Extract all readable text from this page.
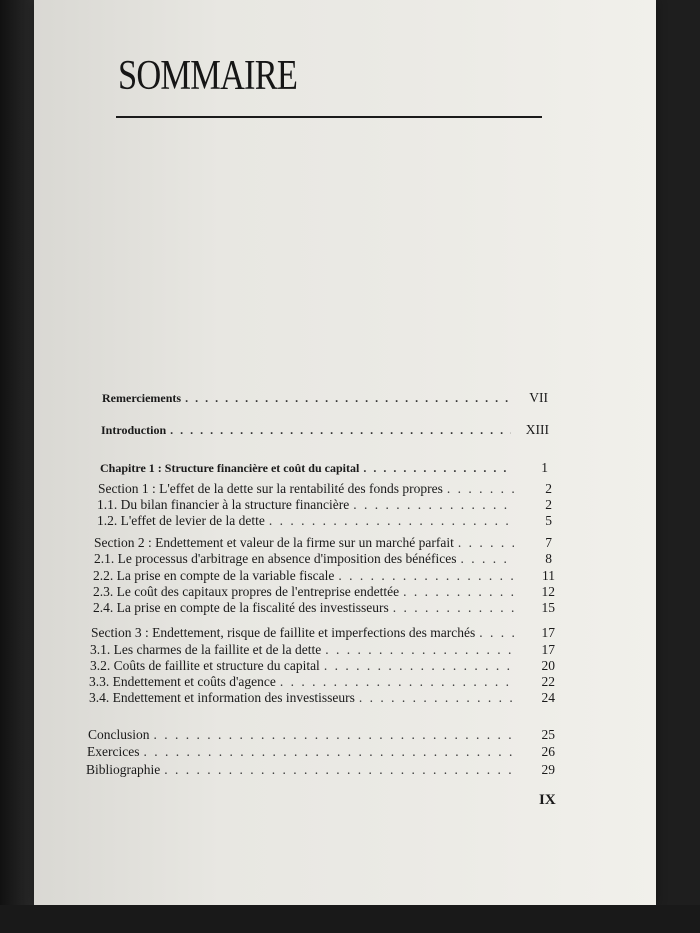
SOMMAIRE
Remerciements . . .	VII
Introduction . . .	XIII
Chapitre 1 : Structure financière et coût du capital . . .	1
Section 1 : L'effet de la dette sur la rentabilité des fonds propres . . .	2
1.1. Du bilan financier à la structure financière . . .	2
1.2. L'effet de levier de la dette . . .	5
Section 2 : Endettement et valeur de la firme sur un marché parfait . . .	7
2.1. Le processus d'arbitrage en absence d'imposition des bénéfices . . .	8
2.2. La prise en compte de la variable fiscale . . .	11
2.3. Le coût des capitaux propres de l'entreprise endettée . . .	12
2.4. La prise en compte de la fiscalité des investisseurs . . .	15
Section 3 : Endettement, risque de faillite et imperfections des marchés . . .	17
3.1. Les charmes de la faillite et de la dette . . .	17
3.2. Coûts de faillite et structure du capital . . .	20
3.3. Endettement et coûts d'agence . . .	22
3.4. Endettement et information des investisseurs . . .	24
Conclusion . . .	25
Exercices . . .	26
Bibliographie . . .	29
IX
